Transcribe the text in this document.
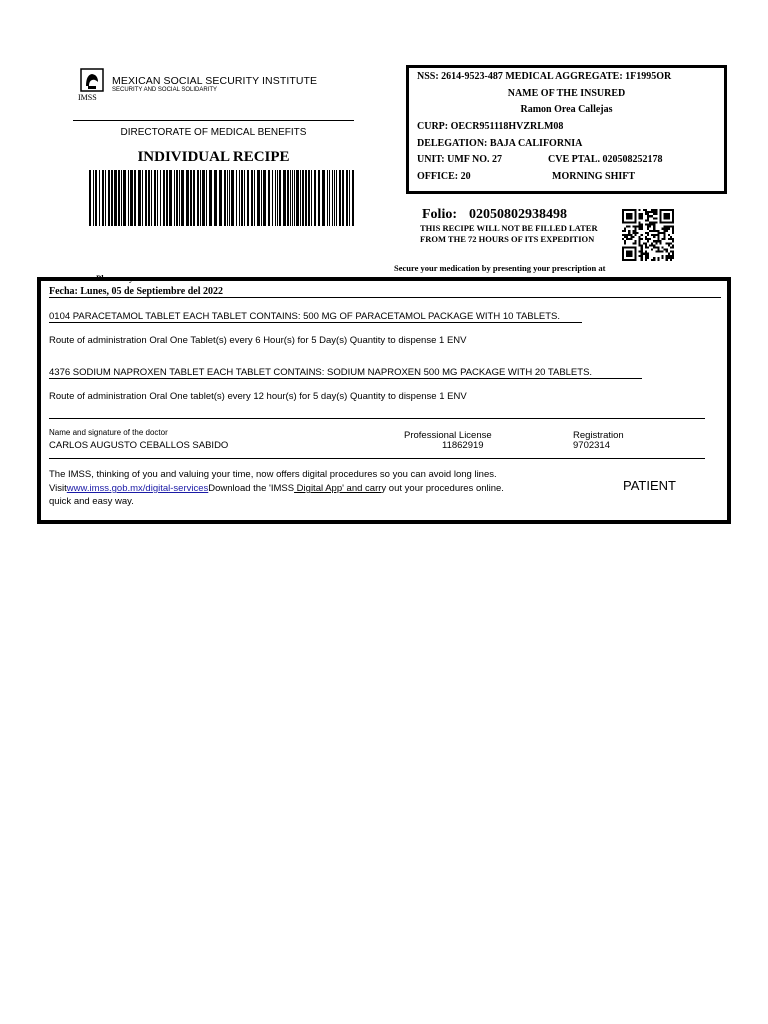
IMSS
MEXICAN SOCIAL SECURITY INSTITUTE
SECURITY AND SOCIAL SOLIDARITY
DIRECTORATE OF MEDICAL BENEFITS
INDIVIDUAL RECIPE
NSS: 2614-9523-487 MEDICAL AGGREGATE: 1F1995OR
NAME OF THE INSURED
Ramon Orea Callejas
CURP: OECR951118HVZRLM08
DELEGATION: BAJA CALIFORNIA
UNIT: UMF NO. 27	CVE PTAL. 020508252178
OFFICE: 20	MORNING SHIFT
Folio: 02050802938498
THIS RECIPE WILL NOT BE FILLED LATER
FROM THE 72 HOURS OF ITS EXPEDITION
Secure your medication by presenting your prescription at
Pharmacy
Fecha: Lunes, 05 de Septiembre del 2022
0104 PARACETAMOL TABLET EACH TABLET CONTAINS: 500 MG OF PARACETAMOL PACKAGE WITH 10 TABLETS.
Route of administration Oral One Tablet(s) every 6 Hour(s) for 5 Day(s) Quantity to dispense 1 ENV
4376 SODIUM NAPROXEN TABLET EACH TABLET CONTAINS: SODIUM NAPROXEN 500 MG PACKAGE WITH 20 TABLETS.
Route of administration Oral One tablet(s) every 12 hour(s) for 5 day(s) Quantity to dispense 1 ENV
Name and signature of the doctor
CARLOS AUGUSTO CEBALLOS SABIDO
Professional License
11862919
Registration
9702314
The IMSS, thinking of you and valuing your time, now offers digital procedures so you can avoid long lines.
Visitwww.imss.gob.mx/digital-servicesDownload the 'IMSS Digital App' and carry out your procedures online.
quick and easy way.
PATIENT
